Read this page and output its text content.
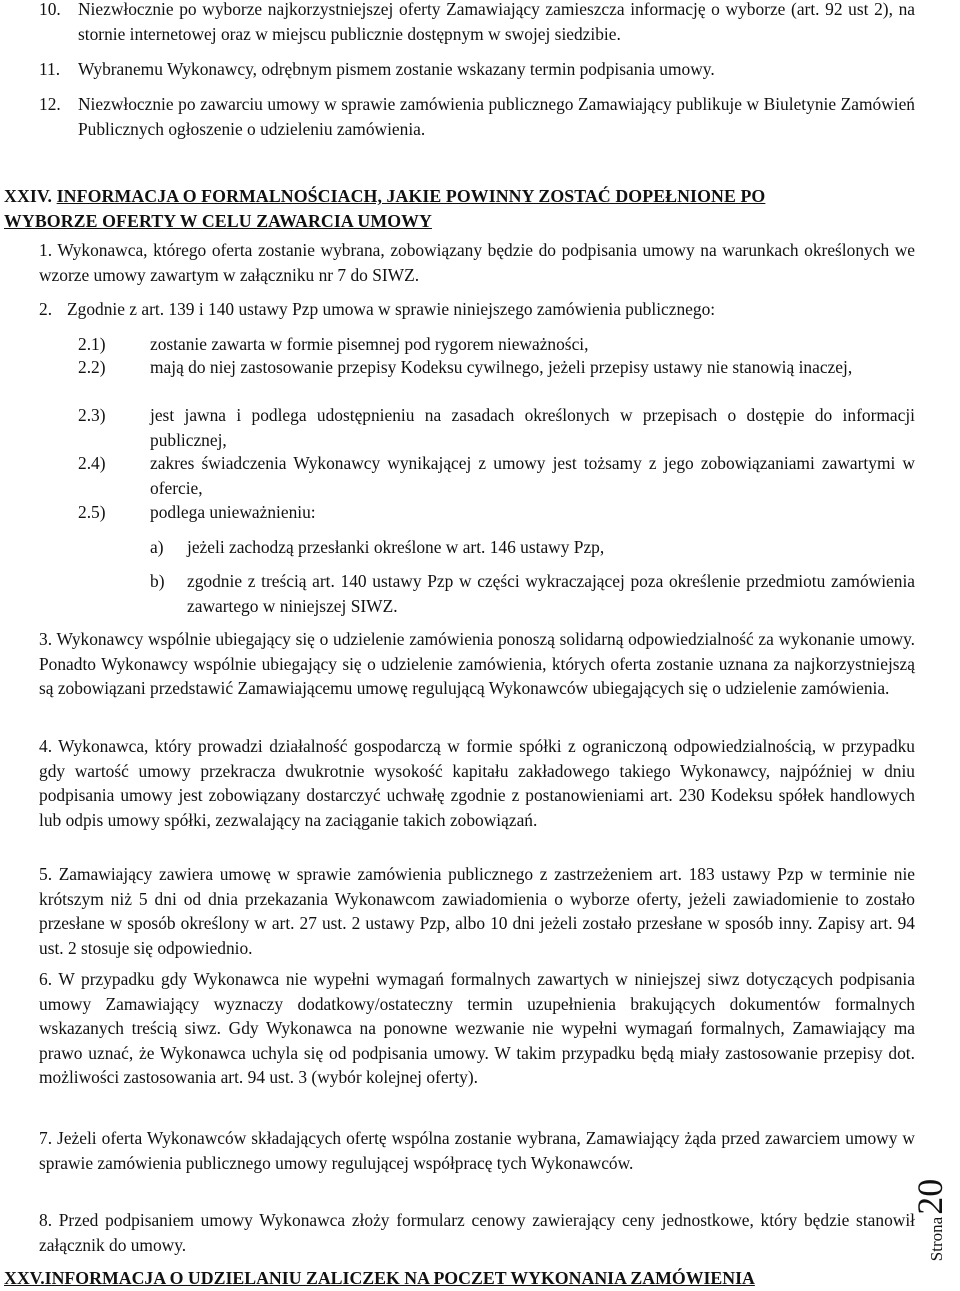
10. Niezwłocznie po wyborze najkorzystniejszej oferty Zamawiający zamieszcza informację o wyborze (art. 92 ust 2), na stornie internetowej oraz w miejscu publicznie dostępnym w swojej siedzibie.
11. Wybranemu Wykonawcy, odrębnym pismem zostanie wskazany termin podpisania umowy.
12. Niezwłocznie po zawarciu umowy w sprawie zamówienia publicznego Zamawiający publikuje w Biuletynie Zamówień Publicznych ogłoszenie o udzieleniu zamówienia.
XXIV. INFORMACJA O FORMALNOŚCIACH, JAKIE POWINNY ZOSTAĆ DOPEŁNIONE PO
WYBORZE OFERTY W CELU ZAWARCIA UMOWY
1. Wykonawca, którego oferta zostanie wybrana, zobowiązany będzie do podpisania umowy na warunkach określonych we wzorze umowy zawartym w załączniku nr 7 do SIWZ.
2. Zgodnie z art. 139 i 140 ustawy Pzp umowa w sprawie niniejszego zamówienia publicznego:
2.1)	zostanie zawarta w formie pisemnej pod rygorem nieważności,
2.2)	mają do niej zastosowanie przepisy Kodeksu cywilnego, jeżeli przepisy ustawy nie stanowią inaczej,
2.3)	jest jawna i podlega udostępnieniu na zasadach określonych w przepisach o dostępie do informacji publicznej,
2.4)	zakres świadczenia Wykonawcy wynikającej z umowy jest tożsamy z jego zobowiązaniami zawartymi w ofercie,
2.5)	podlega unieważnieniu:
a) jeżeli zachodzą przesłanki określone w art. 146 ustawy Pzp,
b) zgodnie z treścią art. 140 ustawy Pzp w części wykraczającej poza określenie przedmiotu zamówienia zawartego w niniejszej SIWZ.
3. Wykonawcy wspólnie ubiegający się o udzielenie zamówienia ponoszą solidarną odpowiedzialność za wykonanie umowy. Ponadto Wykonawcy wspólnie ubiegający się o udzielenie zamówienia, których oferta zostanie uznana za najkorzystniejszą są zobowiązani przedstawić Zamawiającemu umowę regulującą Wykonawców ubiegających się o udzielenie zamówienia.
4. Wykonawca, który prowadzi działalność gospodarczą w formie spółki z ograniczoną odpowiedzialnością, w przypadku gdy wartość umowy przekracza dwukrotnie wysokość kapitału zakładowego takiego Wykonawcy, najpóźniej w dniu podpisania umowy jest zobowiązany dostarczyć uchwałę zgodnie z postanowieniami art. 230 Kodeksu spółek handlowych lub odpis umowy spółki, zezwalający na zaciąganie takich zobowiązań.
5. Zamawiający zawiera umowę w sprawie zamówienia publicznego z zastrzeżeniem art. 183 ustawy Pzp w terminie nie krótszym niż 5 dni od dnia przekazania Wykonawcom zawiadomienia o wyborze oferty, jeżeli zawiadomienie to zostało przesłane w sposób określony w art. 27 ust. 2 ustawy Pzp, albo 10 dni jeżeli zostało przesłane w sposób inny. Zapisy art. 94 ust. 2 stosuje się odpowiednio.
6. W przypadku gdy Wykonawca nie wypełni wymagań formalnych zawartych w niniejszej siwz dotyczących podpisania umowy Zamawiający wyznaczy dodatkowy/ostateczny termin uzupełnienia brakujących dokumentów formalnych wskazanych treścią siwz. Gdy Wykonawca na ponowne wezwanie nie wypełni wymagań formalnych, Zamawiający ma prawo uznać, że Wykonawca uchyla się od podpisania umowy. W takim przypadku będą miały zastosowanie przepisy dot. możliwości zastosowania art. 94 ust. 3 (wybór kolejnej oferty).
7. Jeżeli oferta Wykonawców składających ofertę wspólna zostanie wybrana, Zamawiający żąda przed zawarciem umowy w sprawie zamówienia publicznego umowy regulującej współpracę tych Wykonawców.
8. Przed podpisaniem umowy Wykonawca złoży formularz cenowy zawierający ceny jednostkowe, który będzie stanowił załącznik do umowy.
XXV.INFORMACJA O UDZIELANIU ZALICZEK NA POCZET WYKONANIA ZAMÓWIENIA
Strona20
